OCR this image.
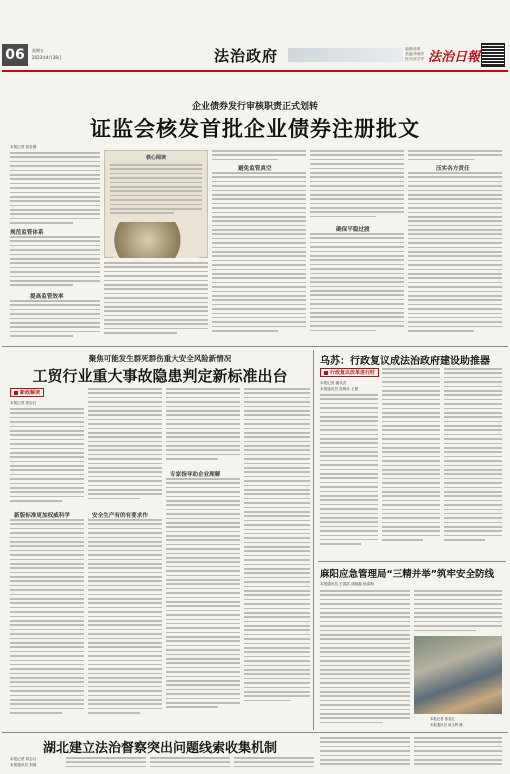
06	星期五
2023年4月28日	法治政府	编辑/张维
美编/李晓军
校对/张学军 法治日報
企业债券发行审核职责正式划转
证监会核发首批企业债券注册批文
本报记者 蒋若静
规范监管体系
提高监管效率
核心阅读
避免监管真空
确保平稳过渡
压实各方责任
聚焦可能发生群死群伤重大安全风险新情况
工贸行业重大事故隐患判定新标准出台
新政解读
本报记者 蔡岩红
新版标准更加权威科学	安全生产有的有要求作
专家指导助企业理解
乌苏：行政复议成法治政府建设助推器
行政复议改革进行时
本报记者 潘从武
本报通讯员 詹梅乐 王源
麻阳应急管理局“三精并举”筑牢安全防线
本报通讯员 王滨武 胡晓磊 杨清海
本报记者 蒋若红
本报通讯员 黄玉辉 摄
湖北建立法治督察突出问题线索收集机制
本报记者 刘志月
本报通讯员 刘源
